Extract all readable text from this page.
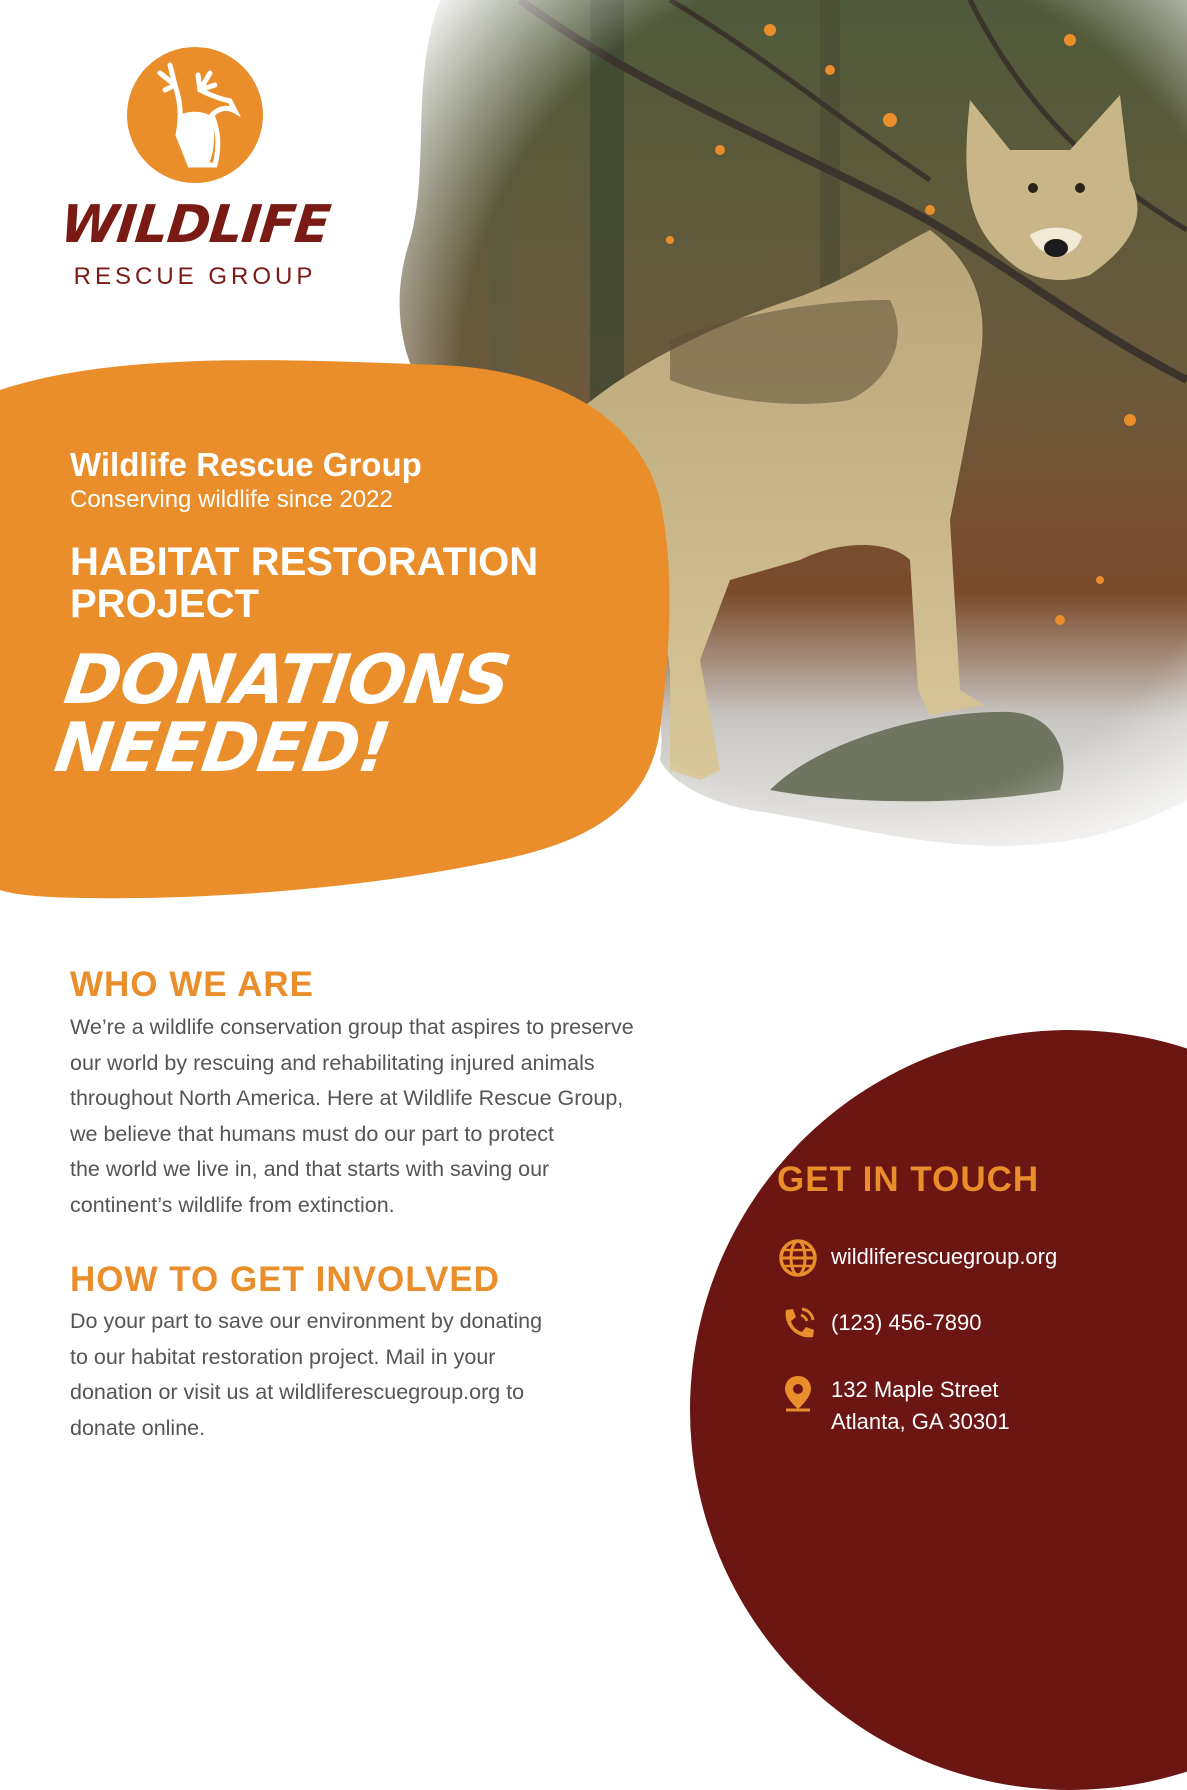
WILDLIFE
RESCUE GROUP

Wildlife Rescue Group

Conserving wildlife since 2022

HABITAT RESTORATION PROJECT
DONATIONS NEEDED!
WHO WE ARE
We’re a wildlife conservation group that aspires to preserve
our world by rescuing and rehabilitating injured animals
throughout North America. Here at Wildlife Rescue Group,
we believe that humans must do our part to protect
the world we live in, and that starts with saving our
continent’s wildlife from extinction.
HOW TO GET INVOLVED
Do your part to save our environment by donating
to our habitat restoration project. Mail in your
donation or visit us at wildliferescuegroup.org to
donate online.
GET IN TOUCH
wildliferescuegroup.org
(123) 456-7890
132 Maple Street
Atlanta, GA 30301
